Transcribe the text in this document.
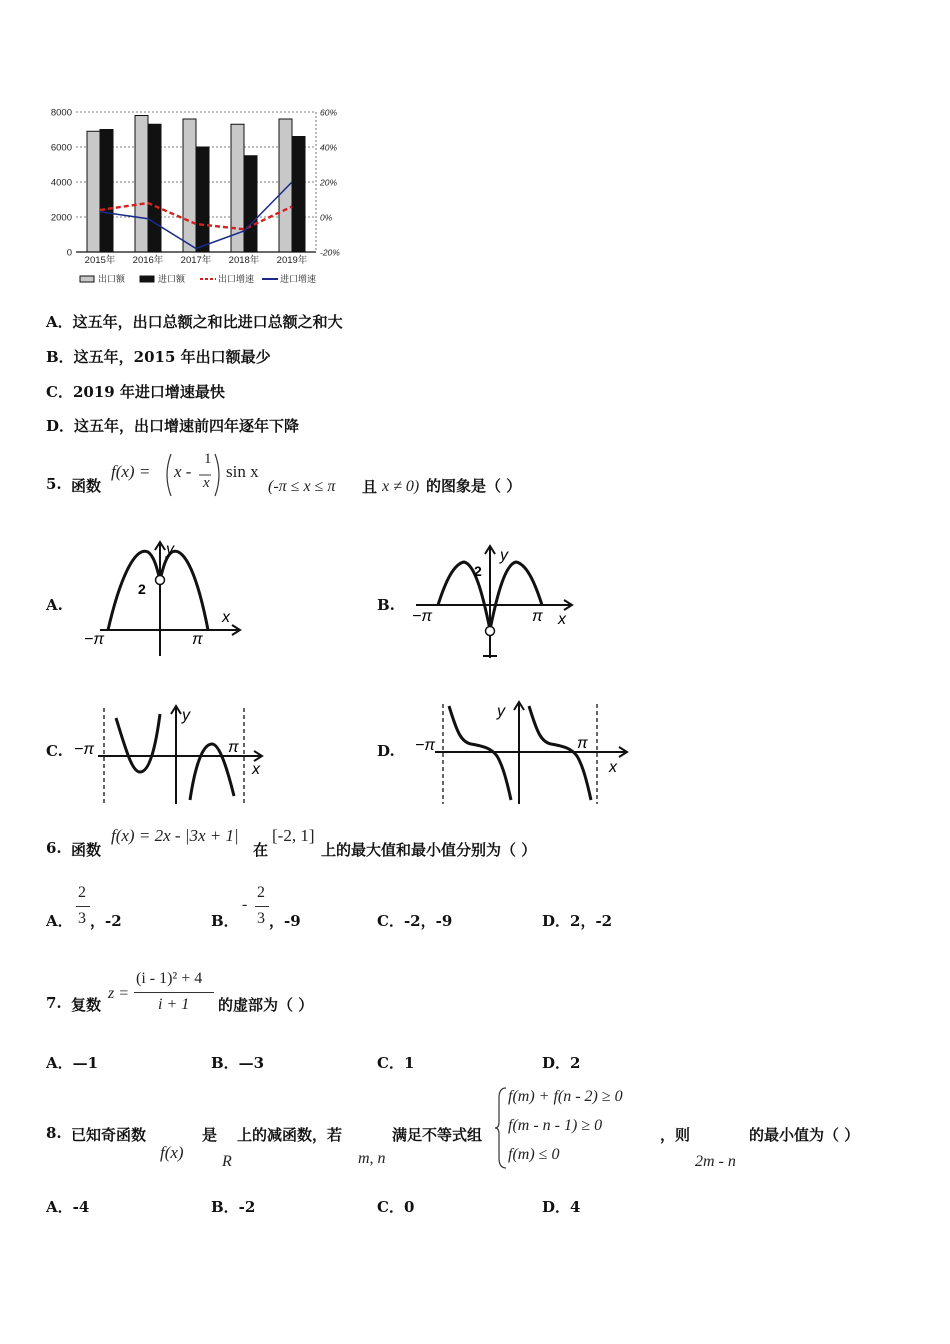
0	-20%
2000	0%
4000	20%
6000	40%
8000	60%
2015年 2016年 2017年 2018年 2019年
出口额	进口额	出口增速	进口增速
A．这五年，出口总额之和比进口总额之和大
B．这五年，2015 年出口额最少
C．2019 年进口增速最快
D．这五年，出口增速前四年逐年下降
5. 函数
f(x) = x -
1
x
sin x
(-π ≤ x ≤ π 且 x ≠ 0) 的图象是（ ）
A.	B.
C.	D.
y
x
2
−π	π
y
x
2
−π	π
y
x
−π	π
y
x
−π	π
6. 函数
f(x) = 2x - |3x + 1|
在
[-2, 1]
上的最大值和最小值分别为（ ）
A．
2
3 ，-2	B．
-
2
3 ，-9	C．-2，-9	D．2，-2
7. 复数
z =
(i - 1)² + 4
i + 1 的虚部为（ ）
A．—1	B．—3	C．1	D．2
8. 已知奇函数	是 上的减函数，若	满足不等式组	，则	的最小值为（ ）
f(x) R	m, n	2m - n
f(m) + f(n - 2) ≥ 0
f(m - n - 1) ≥ 0
f(m) ≤ 0
A．-4	B．-2	C．0	D．4
